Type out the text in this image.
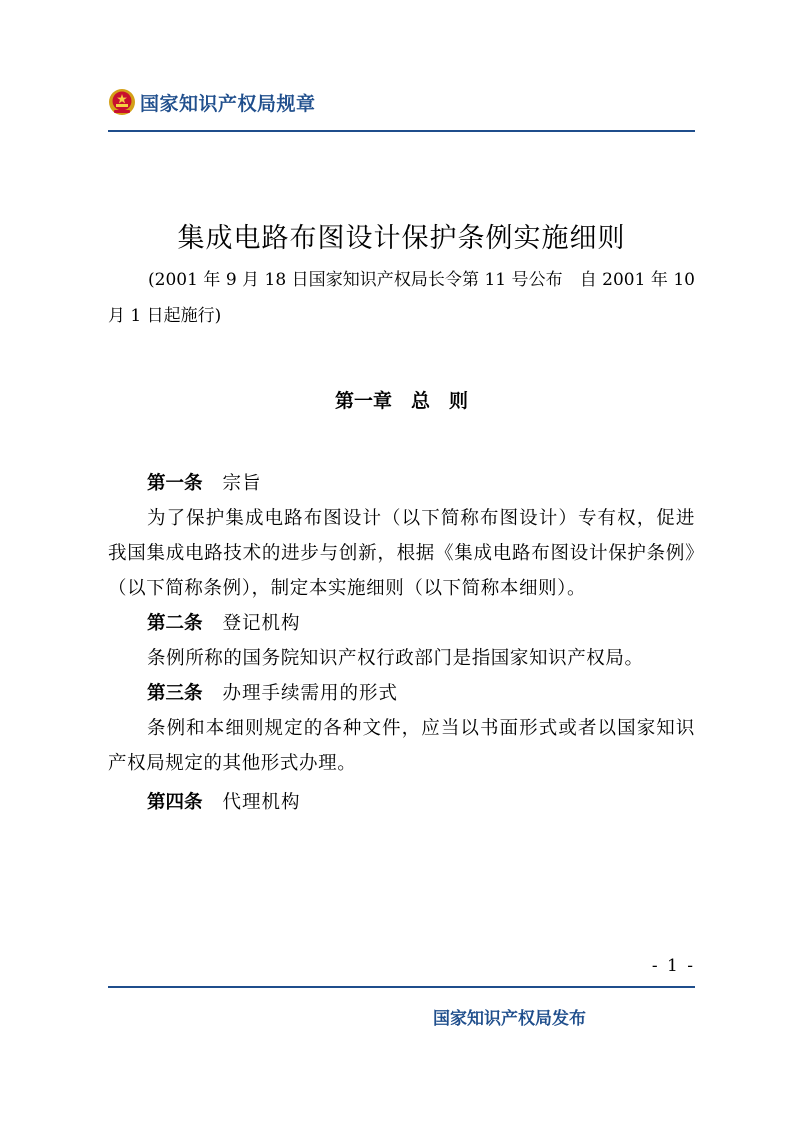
国家知识产权局规章
集成电路布图设计保护条例实施细则
(2001 年 9 月 18 日国家知识产权局长令第 11 号公布　自 2001 年 10 月 1 日起施行)
第一章　总　则

第一条 宗旨

为了保护集成电路布图设计（以下简称布图设计）专有权，促进我国集成电路技术的进步与创新，根据《集成电路布图设计保护条例》（以下简称条例），制定本实施细则（以下简称本细则）。

第二条 登记机构

条例所称的国务院知识产权行政部门是指国家知识产权局。

第三条 办理手续需用的形式

条例和本细则规定的各种文件，应当以书面形式或者以国家知识产权局规定的其他形式办理。

第四条 代理机构

- 1 -
国家知识产权局发布
